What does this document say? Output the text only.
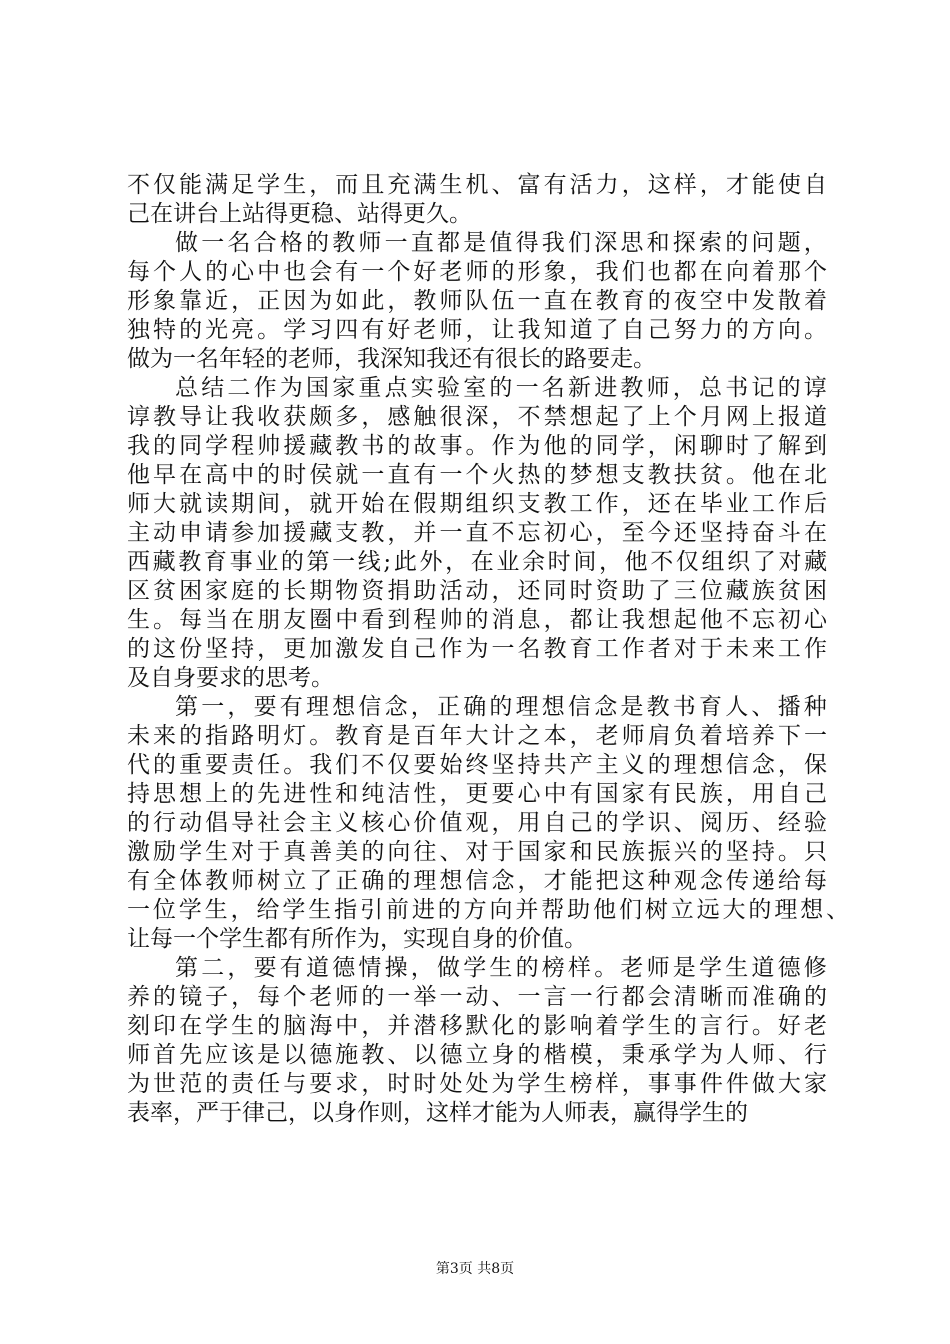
不仅能满足学生，而且充满生机、富有活力，这样，才能使自
己在讲台上站得更稳、站得更久。
做一名合格的教师一直都是值得我们深思和探索的问题，
每个人的心中也会有一个好老师的形象，我们也都在向着那个
形象靠近，正因为如此，教师队伍一直在教育的夜空中发散着
独特的光亮。学习四有好老师，让我知道了自己努力的方向。
做为一名年轻的老师，我深知我还有很长的路要走。
总结二作为国家重点实验室的一名新进教师，总书记的谆
谆教导让我收获颇多，感触很深，不禁想起了上个月网上报道
我的同学程帅援藏教书的故事。作为他的同学，闲聊时了解到
他早在高中的时侯就一直有一个火热的梦想支教扶贫。他在北
师大就读期间，就开始在假期组织支教工作，还在毕业工作后
主动申请参加援藏支教，并一直不忘初心，至今还坚持奋斗在
西藏教育事业的第一线;此外，在业余时间，他不仅组织了对藏
区贫困家庭的长期物资捐助活动，还同时资助了三位藏族贫困
生。每当在朋友圈中看到程帅的消息，都让我想起他不忘初心
的这份坚持，更加激发自己作为一名教育工作者对于未来工作
及自身要求的思考。
第一，要有理想信念，正确的理想信念是教书育人、播种
未来的指路明灯。教育是百年大计之本，老师肩负着培养下一
代的重要责任。我们不仅要始终坚持共产主义的理想信念，保
持思想上的先进性和纯洁性，更要心中有国家有民族，用自己
的行动倡导社会主义核心价值观，用自己的学识、阅历、经验
激励学生对于真善美的向往、对于国家和民族振兴的坚持。只
有全体教师树立了正确的理想信念，才能把这种观念传递给每
一位学生，给学生指引前进的方向并帮助他们树立远大的理想、
让每一个学生都有所作为，实现自身的价值。
第二，要有道德情操，做学生的榜样。老师是学生道德修
养的镜子，每个老师的一举一动、一言一行都会清晰而准确的
刻印在学生的脑海中，并潜移默化的影响着学生的言行。好老
师首先应该是以德施教、以德立身的楷模，秉承学为人师、行
为世范的责任与要求，时时处处为学生榜样，事事件件做大家
表率，严于律己，以身作则，这样才能为人师表，赢得学生的
第3页 共8页
